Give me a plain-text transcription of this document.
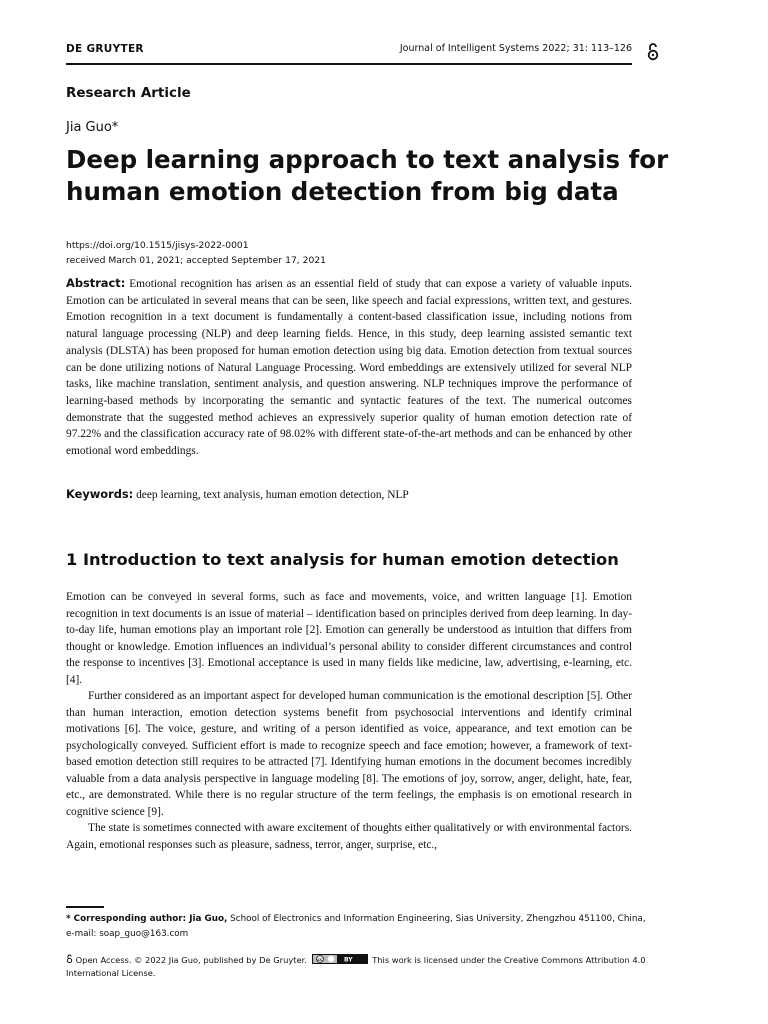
DE GRUYTER	Journal of Intelligent Systems 2022; 31: 113–126
Research Article
Jia Guo*
Deep learning approach to text analysis for
human emotion detection from big data
https://doi.org/10.1515/jisys-2022-0001
received March 01, 2021; accepted September 17, 2021

Abstract: Emotional recognition has arisen as an essential field of study that can expose a variety of valuable inputs. Emotion can be articulated in several means that can be seen, like speech and facial expressions, written text, and gestures. Emotion recognition in a text document is fundamentally a content-based classification issue, including notions from natural language processing (NLP) and deep learning fields. Hence, in this study, deep learning assisted semantic text analysis (DLSTA) has been proposed for human emotion detection using big data. Emotion detection from textual sources can be done utilizing notions of Natural Language Processing. Word embeddings are extensively utilized for several NLP tasks, like machine translation, sentiment analysis, and question answering. NLP techniques improve the performance of learning-based methods by incorporating the semantic and syntactic features of the text. The numerical outcomes demonstrate that the suggested method achieves an expressively superior quality of human emotion detection rate of 97.22% and the classification accuracy rate of 98.02% with different state-of-the-art methods and can be enhanced by other emotional word embeddings.

Keywords: deep learning, text analysis, human emotion detection, NLP

1 Introduction to text analysis for human emotion detection

Emotion can be conveyed in several forms, such as face and movements, voice, and written language [1]. Emotion recognition in text documents is an issue of material – identification based on principles derived from deep learning. In day-to-day life, human emotions play an important role [2]. Emotion can generally be understood as intuition that differs from thought or knowledge. Emotion influences an individual’s personal ability to consider different circumstances and control the response to incentives [3]. Emotional acceptance is used in many fields like medicine, law, advertising, e-learning, etc. [4].

Further considered as an important aspect for developed human communication is the emotional description [5]. Other than human interaction, emotion detection systems benefit from psychosocial interventions and identify criminal motivations [6]. The voice, gesture, and writing of a person identified as voice, appearance, and text emotion can be psychologically conveyed. Sufficient effort is made to recognize speech and face emotion; however, a framework of text-based emotion detection still requires to be attracted [7]. Identifying human emotions in the document becomes incredibly valuable from a data analysis perspective in language modeling [8]. The emotions of joy, sorrow, anger, delight, hate, fear, etc., are demonstrated. While there is no regular structure of the term feelings, the emphasis is on emotional research in cognitive science [9].

The state is sometimes connected with aware excitement of thoughts either qualitatively or with environmental factors. Again, emotional responses such as pleasure, sadness, terror, anger, surprise, etc.,

* Corresponding author: Jia Guo, School of Electronics and Information Engineering, Sias University, Zhengzhou 451100, China,
e-mail: soap_guo@163.com
Open Access. © 2022 Jia Guo, published by De Gruyter. cc	BY This work is licensed under the Creative Commons Attribution 4.0
International License.
